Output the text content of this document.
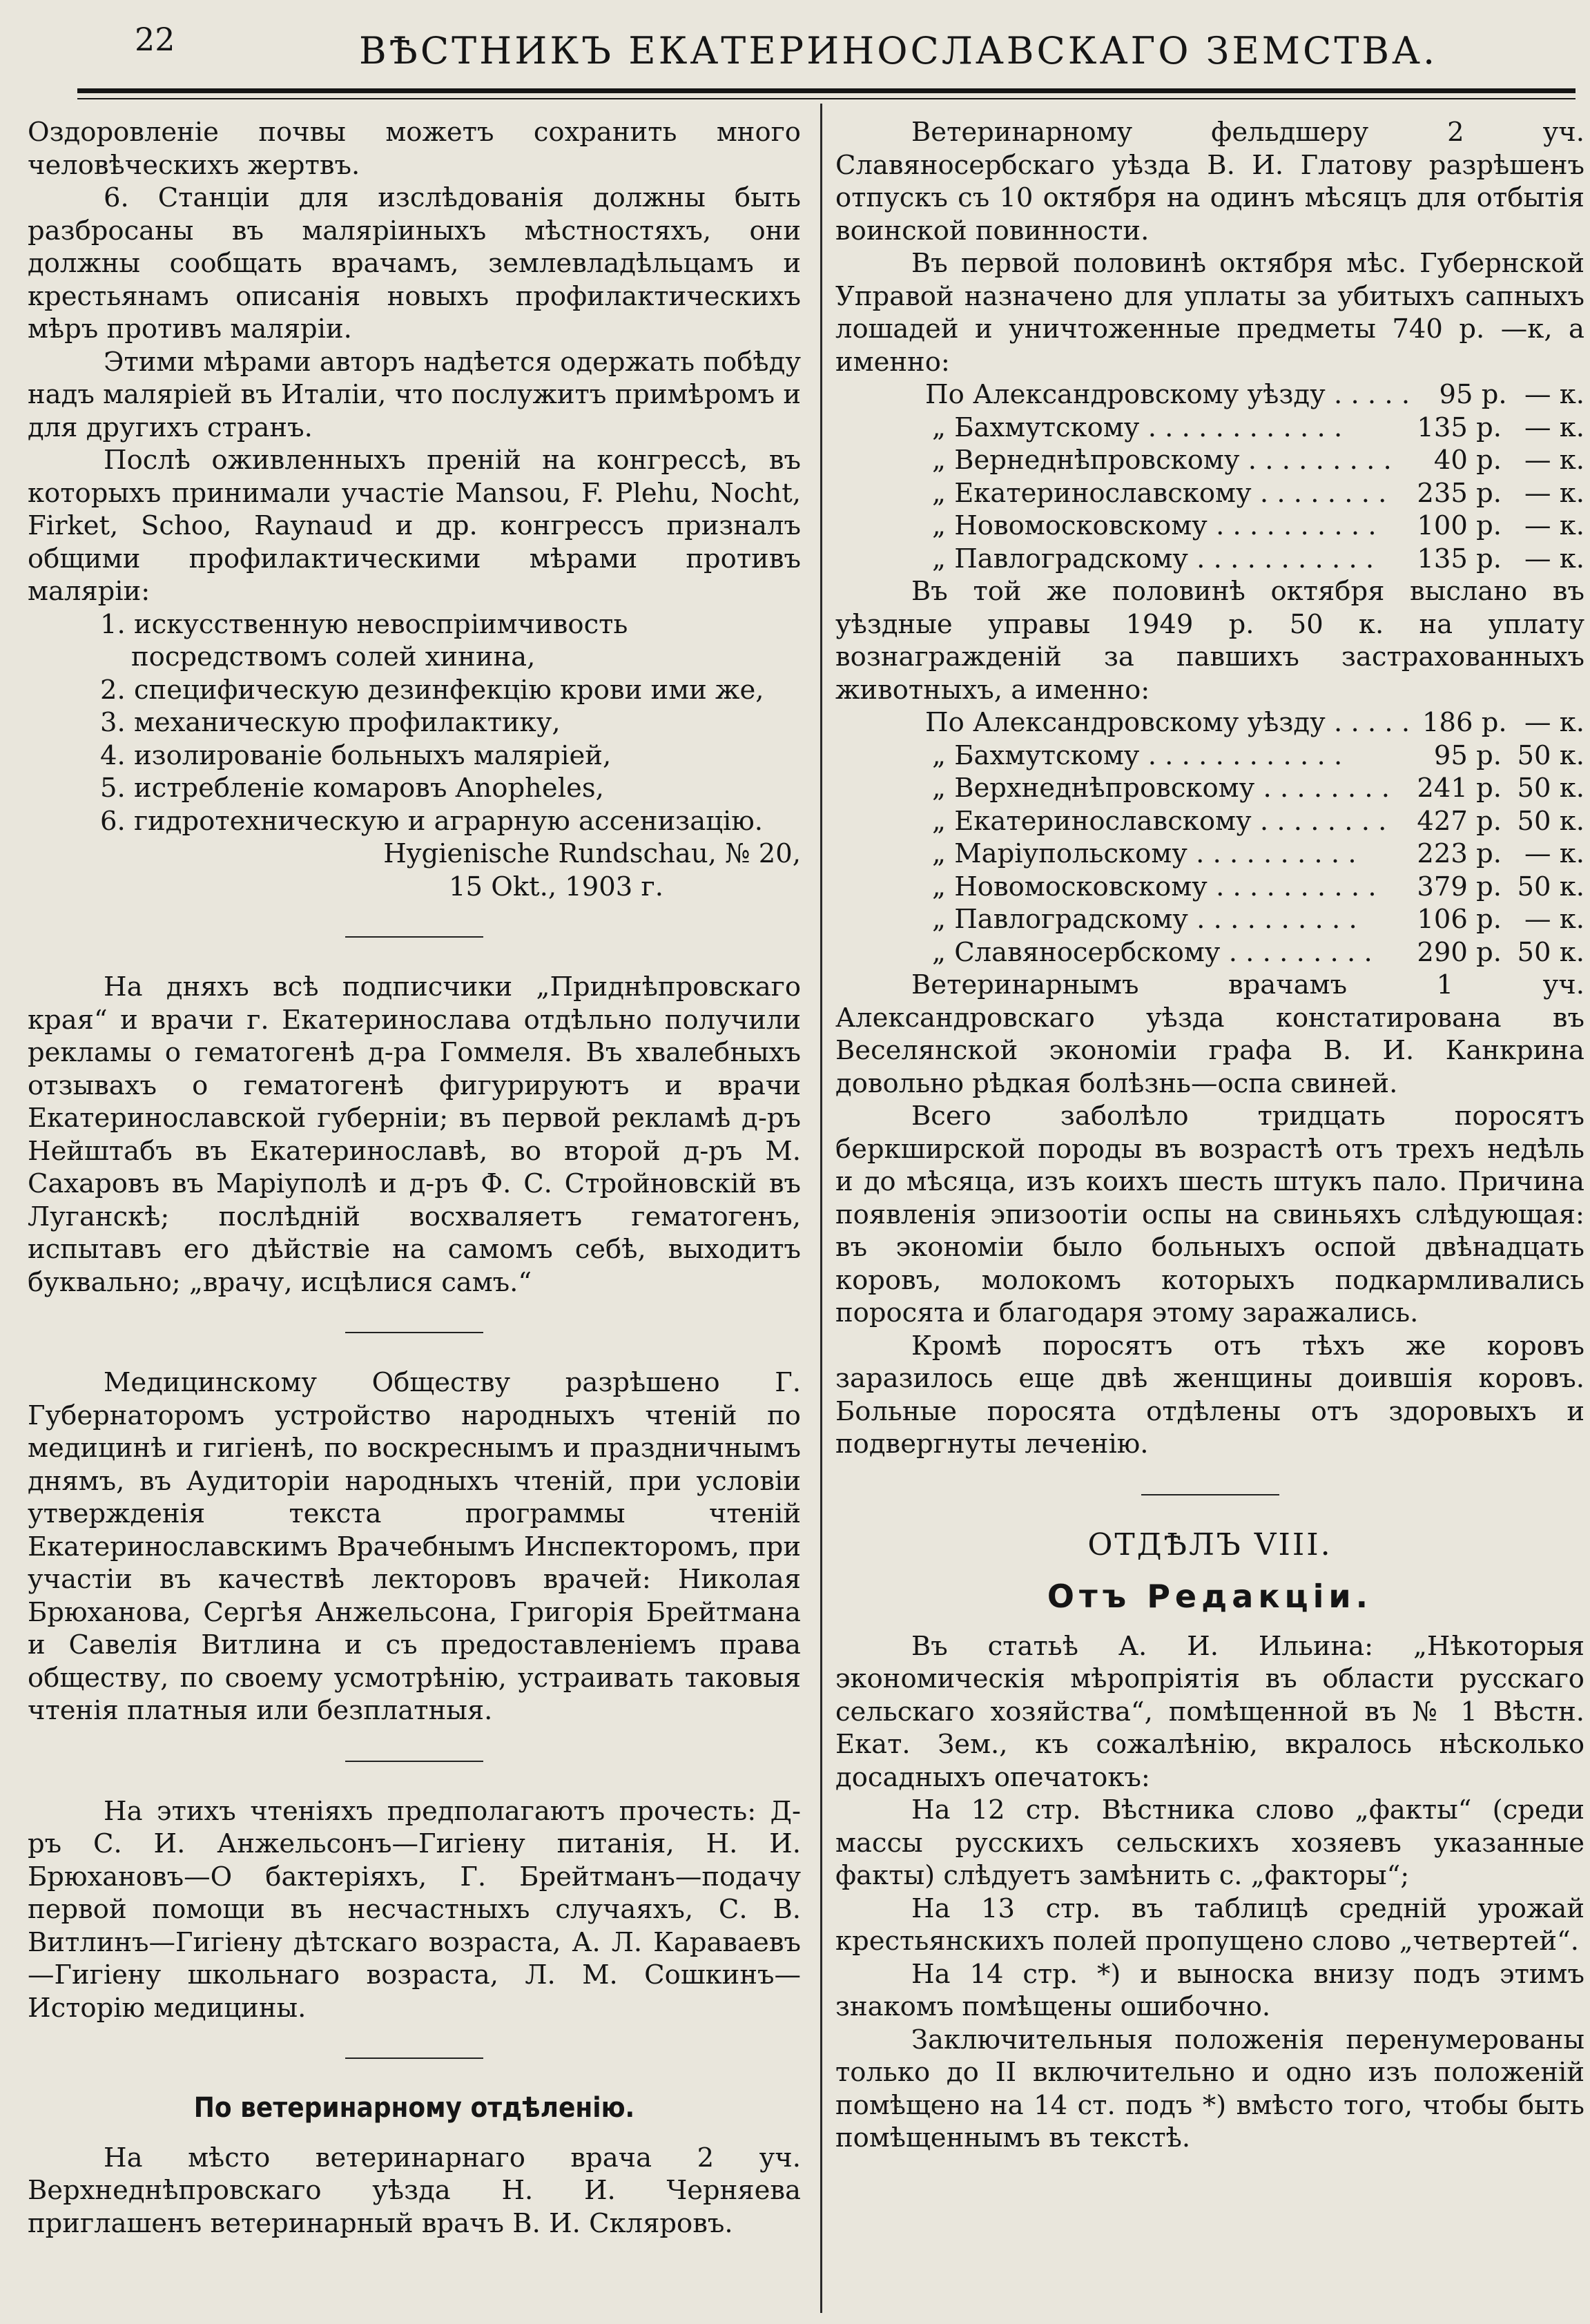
22	ВѢСТНИКЪ ЕКАТЕРИНОСЛАВСКАГО ЗЕМСТВА.

Оздоровленіе почвы можетъ сохранить много человѣческихъ жертвъ.

6. Станціи для изслѣдованія должны быть разбросаны въ маляріиныхъ мѣстностяхъ, они должны сообщать врачамъ, землевладѣльцамъ и крестьянамъ описанія новыхъ профилактическихъ мѣръ противъ маляріи.

Этими мѣрами авторъ надѣется одержать побѣду надъ маляріей въ Италіи, что послужитъ примѣромъ и для другихъ странъ.

Послѣ оживленныхъ преній на конгрессѣ, въ которыхъ принимали участіе Mansou, F. Plehu, Nocht, Firket, Schoo, Raynaud и др. конгрессъ призналъ общими профилактическими мѣрами противъ маляріи:

1. искусственную невоспріимчивость посредствомъ солей хинина,

2. специфическую дезинфекцію крови ими же,

3. механическую профилактику,

4. изолированіе больныхъ маляріей,

5. истребленіе комаровъ Anopheles,

6. гидротехническую и аграрную ассенизацію.

Hygienische Rundschau, № 20,

15 Okt., 1903 г.

На дняхъ всѣ подписчики „Приднѣпровскаго края“ и врачи г. Екатеринослава отдѣльно получили рекламы о гематогенѣ д-ра Гоммеля. Въ хвалебныхъ отзывахъ о гематогенѣ фигурируютъ и врачи Екатеринославской губерніи; въ первой рекламѣ д-ръ Нейштабъ въ Екатеринославѣ, во второй д-ръ М. Сахаровъ въ Маріуполѣ и д-ръ Ф. С. Стройновскій въ Луганскѣ; послѣдній восхваляетъ гематогенъ, испытавъ его дѣйствіе на самомъ себѣ, выходитъ буквально; „врачу, исцѣлися самъ.“

Медицинскому Обществу разрѣшено Г. Губернаторомъ устройство народныхъ чтеній по медицинѣ и гигіенѣ, по воскреснымъ и праздничнымъ днямъ, въ Аудиторіи народныхъ чтеній, при условіи утвержденія текста программы чтеній Екатеринославскимъ Врачебнымъ Инспекторомъ, при участіи въ качествѣ лекторовъ врачей: Николая Брюханова, Сергѣя Анжельсона, Григорія Брейтмана и Савелія Витлина и съ предоставленіемъ права обществу, по своему усмотрѣнію, устраивать таковыя чтенія платныя или безплатныя.

На этихъ чтеніяхъ предполагаютъ прочесть: Д-ръ С. И. Анжельсонъ—Гигіену питанія, Н. И. Брюхановъ—О бактеріяхъ, Г. Брейтманъ—подачу первой помощи въ несчастныхъ случаяхъ, С. В. Витлинъ—Гигіену дѣтскаго возраста, А. Л. Караваевъ—Гигіену школьнаго возраста, Л. М. Сошкинъ—Исторію медицины.

По ветеринарному отдѣленію.

На мѣсто ветеринарнаго врача 2 уч. Верхнеднѣпровскаго уѣзда Н. И. Черняева приглашенъ ветеринарный врачъ В. И. Скляровъ.

Ветеринарному фельдшеру 2 уч. Славяносербскаго уѣзда В. И. Глатову разрѣшенъ отпускъ съ 10 октября на одинъ мѣсяцъ для отбытія воинской повинности.

Въ первой половинѣ октября мѣс. Губернской Управой назначено для уплаты за убитыхъ сапныхъ лошадей и уничтоженные предметы 740 р. —к, а именно:

По Александровскому уѣзду . . . . .	95 р. — к.
„ Бахмутскому . . . . . . . . . . . .	135 р. — к.
„ Вернеднѣпровскому . . . . . . . . .	40 р. — к.
„ Екатеринославскому . . . . . . . .	235 р. — к.
„ Новомосковскому . . . . . . . . . .	100 р. — к.
„ Павлоградскому . . . . . . . . . . .	135 р. — к.

Въ той же половинѣ октября выслано въ уѣздные управы 1949 р. 50 к. на уплату вознагражденій за павшихъ застрахованныхъ животныхъ, а именно:

По Александровскому уѣзду . . . . . 186 р. — к.
„ Бахмутскому . . . . . . . . . . . .	95 р. 50 к.
„ Верхнеднѣпровскому . . . . . . . .	241 р. 50 к.
„ Екатеринославскому . . . . . . . .	427 р. 50 к.
„ Маріупольскому . . . . . . . . . .	223 р. — к.
„ Новомосковскому . . . . . . . . . .	379 р. 50 к.
„ Павлоградскому . . . . . . . . . .	106 р. — к.
„ Славяносербскому . . . . . . . . .	290 р. 50 к.

Ветеринарнымъ врачамъ 1 уч. Александровскаго уѣзда констатирована въ Веселянской экономіи графа В. И. Канкрина довольно рѣдкая болѣзнь—оспа свиней.

Всего заболѣло тридцать поросятъ беркширской породы въ возрастѣ отъ трехъ недѣль и до мѣсяца, изъ коихъ шесть штукъ пало. Причина появленія эпизоотіи оспы на свиньяхъ слѣдующая: въ экономіи было больныхъ оспой двѣнадцать коровъ, молокомъ которыхъ подкармливались поросята и благодаря этому заражались.

Кромѣ поросятъ отъ тѣхъ же коровъ заразилось еще двѣ женщины доившія коровъ. Больные поросята отдѣлены отъ здоровыхъ и подвергнуты леченію.

ОТДѢЛЪ VIII.
Отъ Редакціи.

Въ статьѣ А. И. Ильина: „Нѣкоторыя экономическія мѣропріятія въ области русскаго сельскаго хозяйства“, помѣщенной въ № 1 Вѣстн. Екат. Зем., къ сожалѣнію, вкралось нѣсколько досадныхъ опечатокъ:

На 12 стр. Вѣстника слово „факты“ (среди массы русскихъ сельскихъ хозяевъ указанные факты) слѣдуетъ замѣнить с. „факторы“;

На 13 стр. въ таблицѣ средній урожай крестьянскихъ полей пропущено слово „четвертей“.

На 14 стр. *) и выноска внизу подъ этимъ знакомъ помѣщены ошибочно.

Заключительныя положенія перенумерованы только до II включительно и одно изъ положеній помѣщено на 14 ст. подъ *) вмѣсто того, чтобы быть помѣщеннымъ въ текстѣ.
